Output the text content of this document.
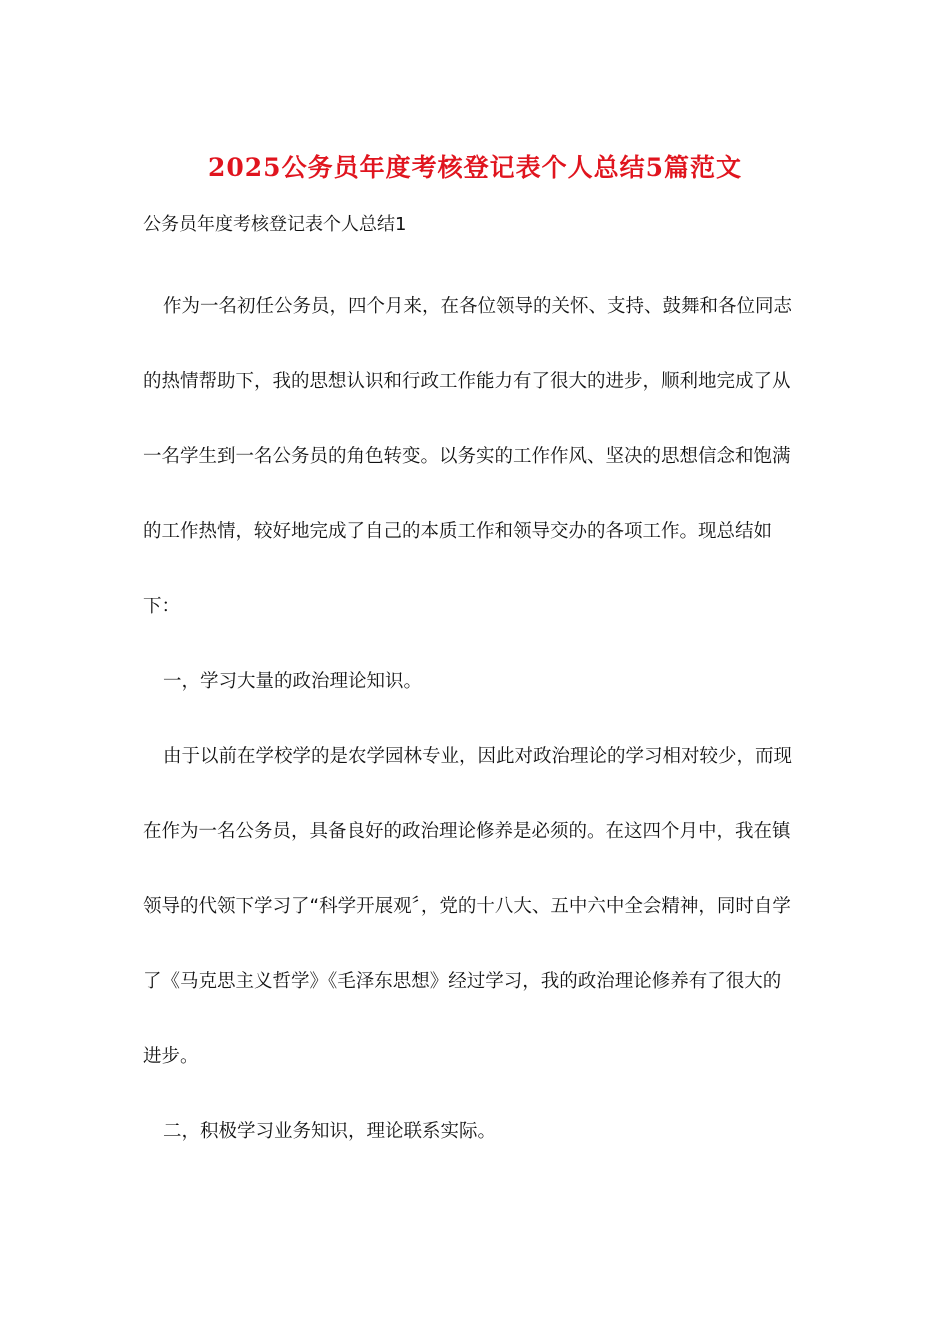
2025公务员年度考核登记表个人总结5篇范文

公务员年度考核登记表个人总结1

作为一名初任公务员，四个月来，在各位领导的关怀、支持、鼓舞和各位同志的热情帮助下，我的思想认识和行政工作能力有了很大的进步，顺利地完成了从一名学生到一名公务员的角色转变。以务实的工作作风、坚决的思想信念和饱满的工作热情，较好地完成了自己的本质工作和领导交办的各项工作。现总结如下：

一，学习大量的政治理论知识。

由于以前在学校学的是农学园林专业，因此对政治理论的学习相对较少，而现在作为一名公务员，具备良好的政治理论修养是必须的。在这四个月中，我在镇领导的代领下学习了“科学开展观〞，党的十八大、五中六中全会精神，同时自学了《马克思主义哲学》《毛泽东思想》经过学习，我的政治理论修养有了很大的进步。

二，积极学习业务知识，理论联系实际。
